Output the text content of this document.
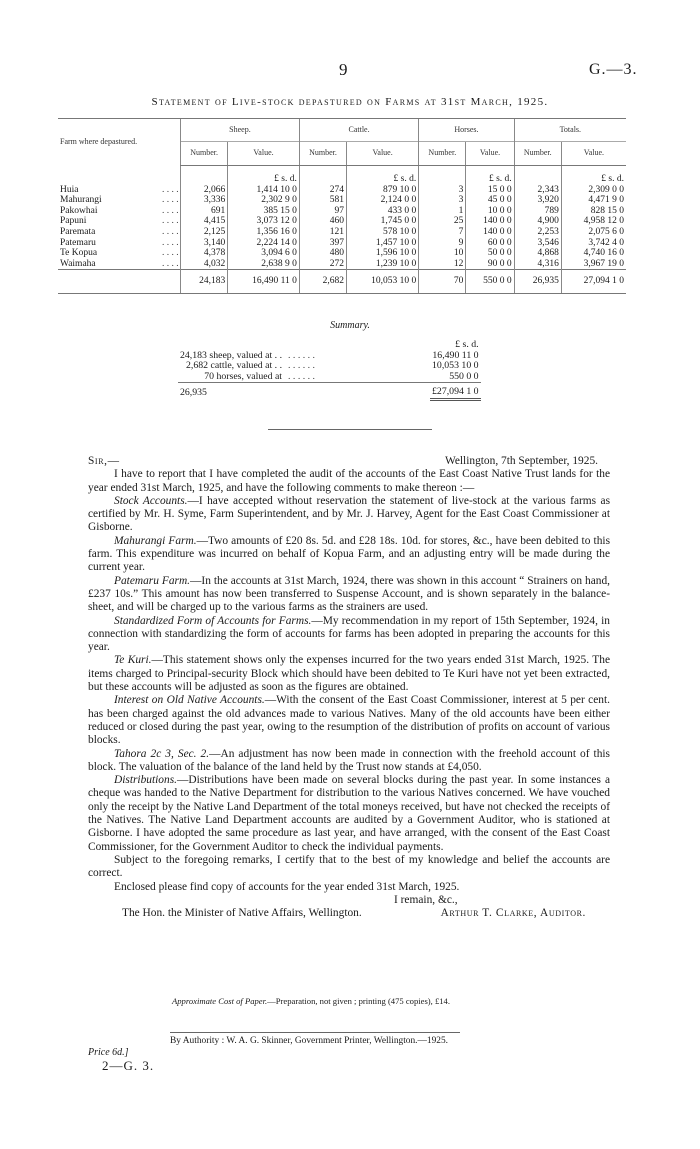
9	G.—3.
Statement of Live-stock depastured on Farms at 31st March, 1925.
Farm where depastured.	Sheep.		Cattle.		Horses.		Totals.	
	Number.	Value.	Number.	Value.	Number.	Value.	Number.	Value.
		£ s. d.		£ s. d.		£ s. d.		£ s. d.
Huia . . . .	2,066	1,414 10 0	274	879 10 0	3	15 0 0	2,343	2,309 0 0
Mahurangi . . . .	3,336	2,302 9 0	581	2,124 0 0	3	45 0 0	3,920	4,471 9 0
Pakowhai . . . .	691	385 15 0	97	433 0 0	1	10 0 0	789	828 15 0
Papuni . . . .	4,415	3,073 12 0	460	1,745 0 0	25	140 0 0	4,900	4,958 12 0
Paremata . . . .	2,125	1,356 16 0	121	578 10 0	7	140 0 0	2,253	2,075 6 0
Patemaru . . . .	3,140	2,224 14 0	397	1,457 10 0	9	60 0 0	3,546	3,742 4 0
Te Kopua . . . .	4,378	3,094 6 0	480	1,596 10 0	10	50 0 0	4,868	4,740 16 0
Waimaha . . . .	4,032	2,638 9 0	272	1,239 10 0	12	90 0 0	4,316	3,967 19 0
	24,183	16,490 11 0	2,682	10,053 10 0	70	550 0 0	26,935	27,094 1 0
Summary.
		£ s. d.
24,183 sheep, valued at . .	. . . . . .	16,490 11 0
2,682 cattle, valued at . .	. . . . . .	10,053 10 0
70 horses, valued at	. . . . . .	550 0 0
26,935		£27,094 1 0
Sir,—	Wellington, 7th September, 1925.

I have to report that I have completed the audit of the accounts of the East Coast Native Trust lands for the year ended 31st March, 1925, and have the following comments to make thereon :—

Stock Accounts.—I have accepted without reservation the statement of live-stock at the various farms as certified by Mr. H. Syme, Farm Superintendent, and by Mr. J. Harvey, Agent for the East Coast Commissioner at Gisborne.

Mahurangi Farm.—Two amounts of £20 8s. 5d. and £28 18s. 10d. for stores, &c., have been debited to this farm. This expenditure was incurred on behalf of Kopua Farm, and an adjusting entry will be made during the current year.

Patemaru Farm.—In the accounts at 31st March, 1924, there was shown in this account “ Strainers on hand, £237 10s.” This amount has now been transferred to Suspense Account, and is shown separately in the balance-sheet, and will be charged up to the various farms as the strainers are used.

Standardized Form of Accounts for Farms.—My recommendation in my report of 15th September, 1924, in connection with standardizing the form of accounts for farms has been adopted in preparing the accounts for this year.

Te Kuri.—This statement shows only the expenses incurred for the two years ended 31st March, 1925. The items charged to Principal-security Block which should have been debited to Te Kuri have not yet been extracted, but these accounts will be adjusted as soon as the figures are obtained.

Interest on Old Native Accounts.—With the consent of the East Coast Commissioner, interest at 5 per cent. has been charged against the old advances made to various Natives. Many of the old accounts have been either reduced or closed during the past year, owing to the resumption of the distribution of profits on account of various blocks.

Tahora 2c 3, Sec. 2.—An adjustment has now been made in connection with the freehold account of this block. The valuation of the balance of the land held by the Trust now stands at £4,050.

Distributions.—Distributions have been made on several blocks during the past year. In some instances a cheque was handed to the Native Department for distribution to the various Natives concerned. We have vouched only the receipt by the Native Land Department of the total moneys received, but have not checked the receipts of the Natives. The Native Land Department accounts are audited by a Government Auditor, who is stationed at Gisborne. I have adopted the same procedure as last year, and have arranged, with the consent of the East Coast Commissioner, for the Government Auditor to check the individual payments.

Subject to the foregoing remarks, I certify that to the best of my knowledge and belief the accounts are correct.

Enclosed please find copy of accounts for the year ended 31st March, 1925.

I remain, &c.,

The Hon. the Minister of Native Affairs, Wellington.	Arthur T. Clarke, Auditor.

Approximate Cost of Paper.—Preparation, not given ; printing (475 copies), £14.
By Authority : W. A. G. Skinner, Government Printer, Wellington.—1925.
Price 6d.]
2—G. 3.
